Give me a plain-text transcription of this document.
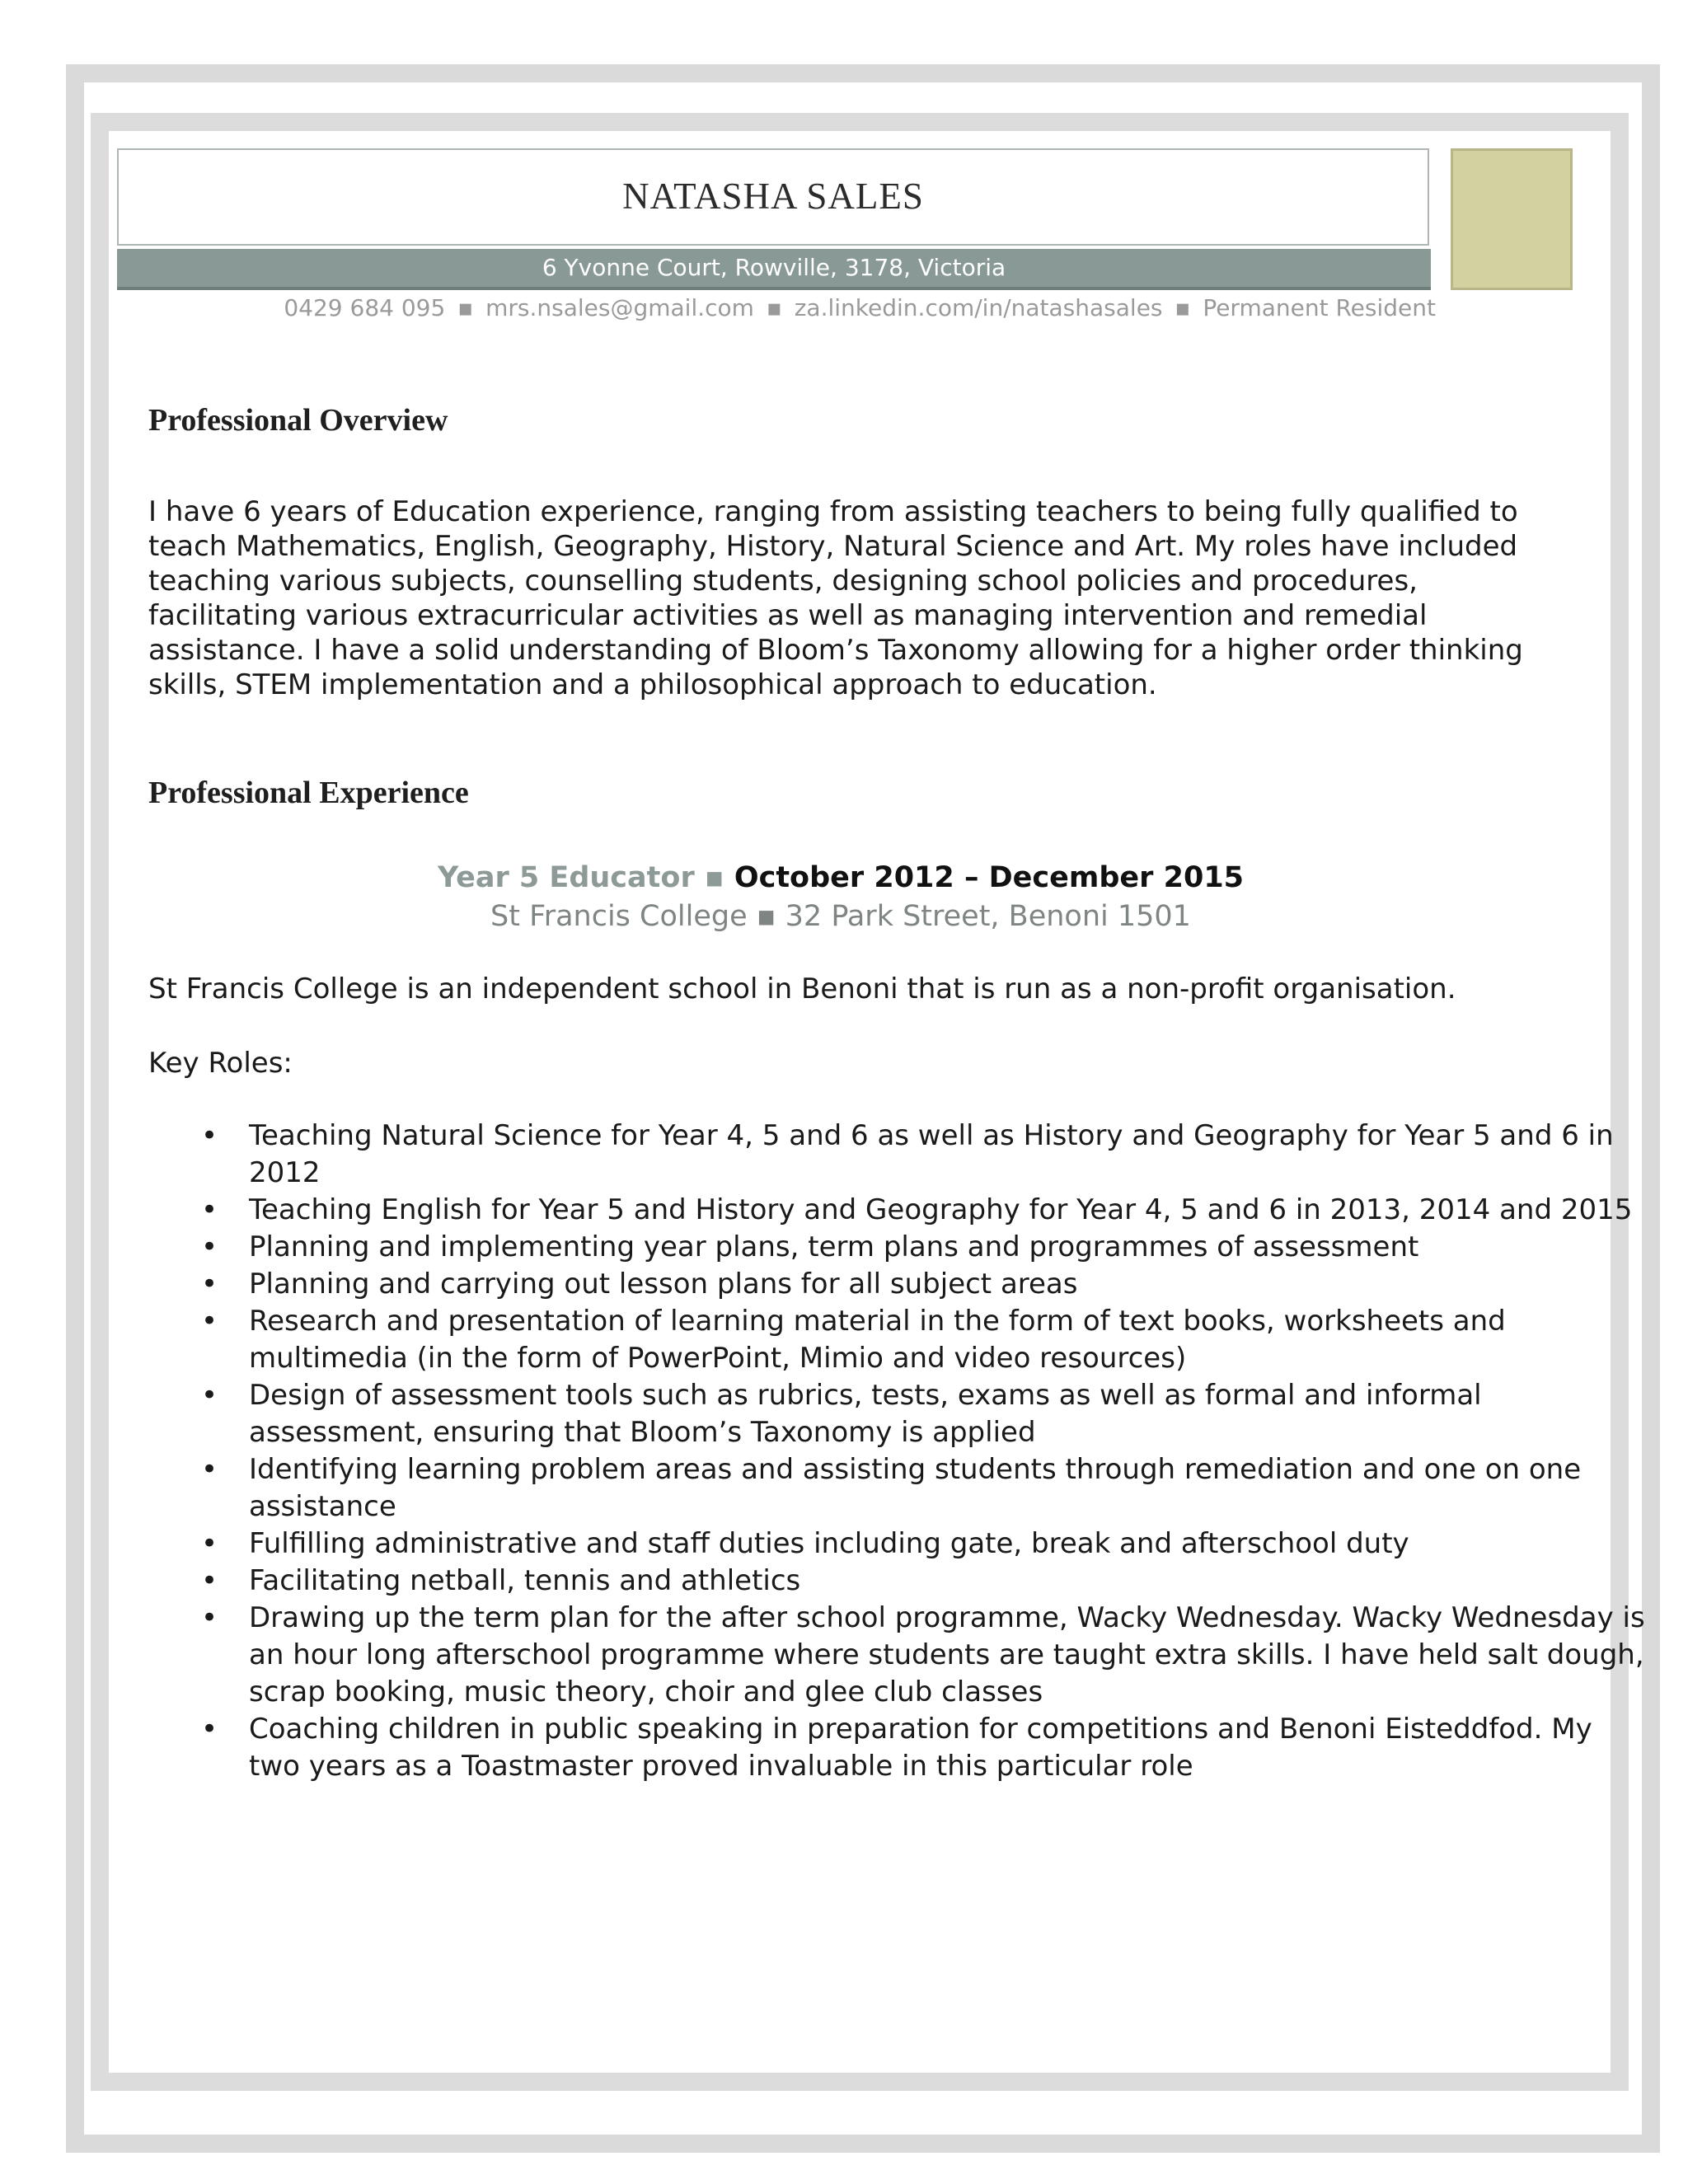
NATASHA SALES
6 Yvonne Court, Rowville, 3178, Victoria
0429 684 095 ▪ mrs.nsales@gmail.com ▪ za.linkedin.com/in/natashasales ▪ Permanent Resident
Professional Overview

I have 6 years of Education experience, ranging from assisting teachers to being fully qualified to teach Mathematics, English, Geography, History, Natural Science and Art. My roles have included teaching various subjects, counselling students, designing school policies and procedures, facilitating various extracurricular activities as well as managing intervention and remedial assistance. I have a solid understanding of Bloom’s Taxonomy allowing for a higher order thinking skills, STEM implementation and a philosophical approach to education.

Professional Experience
Year 5 Educator ▪ October 2012 – December 2015
St Francis College ▪ 32 Park Street, Benoni 1501

St Francis College is an independent school in Benoni that is run as a non-profit organisation.

Key Roles:

• Teaching Natural Science for Year 4, 5 and 6 as well as History and Geography for Year 5 and 6 in 2012
• Teaching English for Year 5 and History and Geography for Year 4, 5 and 6 in 2013, 2014 and 2015
• Planning and implementing year plans, term plans and programmes of assessment
• Planning and carrying out lesson plans for all subject areas
• Research and presentation of learning material in the form of text books, worksheets and multimedia (in the form of PowerPoint, Mimio and video resources)
• Design of assessment tools such as rubrics, tests, exams as well as formal and informal assessment, ensuring that Bloom’s Taxonomy is applied
• Identifying learning problem areas and assisting students through remediation and one on one assistance
• Fulfilling administrative and staff duties including gate, break and afterschool duty
• Facilitating netball, tennis and athletics
• Drawing up the term plan for the after school programme, Wacky Wednesday. Wacky Wednesday is an hour long afterschool programme where students are taught extra skills. I have held salt dough, scrap booking, music theory, choir and glee club classes
• Coaching children in public speaking in preparation for competitions and Benoni Eisteddfod. My two years as a Toastmaster proved invaluable in this particular role
